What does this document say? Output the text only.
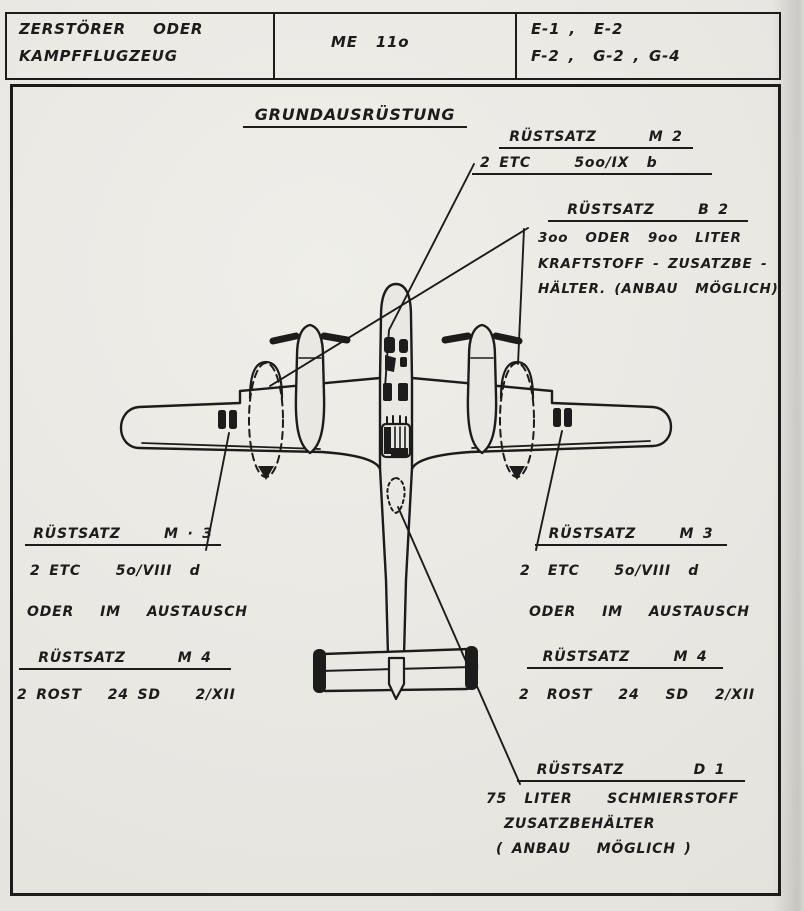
ZERSTÖRER   ODER
KAMPFFLUGZEUG
ME  11o
E-1 ,  E-2
F-2 ,  G-2 , G-4
GRUNDAUSRÜSTUNG
RÜSTSATZ      M 2
2 ETC     5oo/IX  b
RÜSTSATZ     B 2
3oo  ODER  9oo  LITER
KRAFTSTOFF - ZUSATZBE -
HÄLTER. (ANBAU  MÖGLICH)
RÜSTSATZ     M · 3
2 ETC    5o/VIII  d
ODER   IM   AUSTAUSCH
RÜSTSATZ      M 4
2 ROST   24 SD    2/XII
RÜSTSATZ     M 3
2  ETC    5o/VIII  d
ODER   IM   AUSTAUSCH
RÜSTSATZ     M 4
2  ROST   24   SD   2/XII
RÜSTSATZ        D 1
75  LITER    SCHMIERSTOFF
ZUSATZBEHÄLTER
( ANBAU   MÖGLICH )
